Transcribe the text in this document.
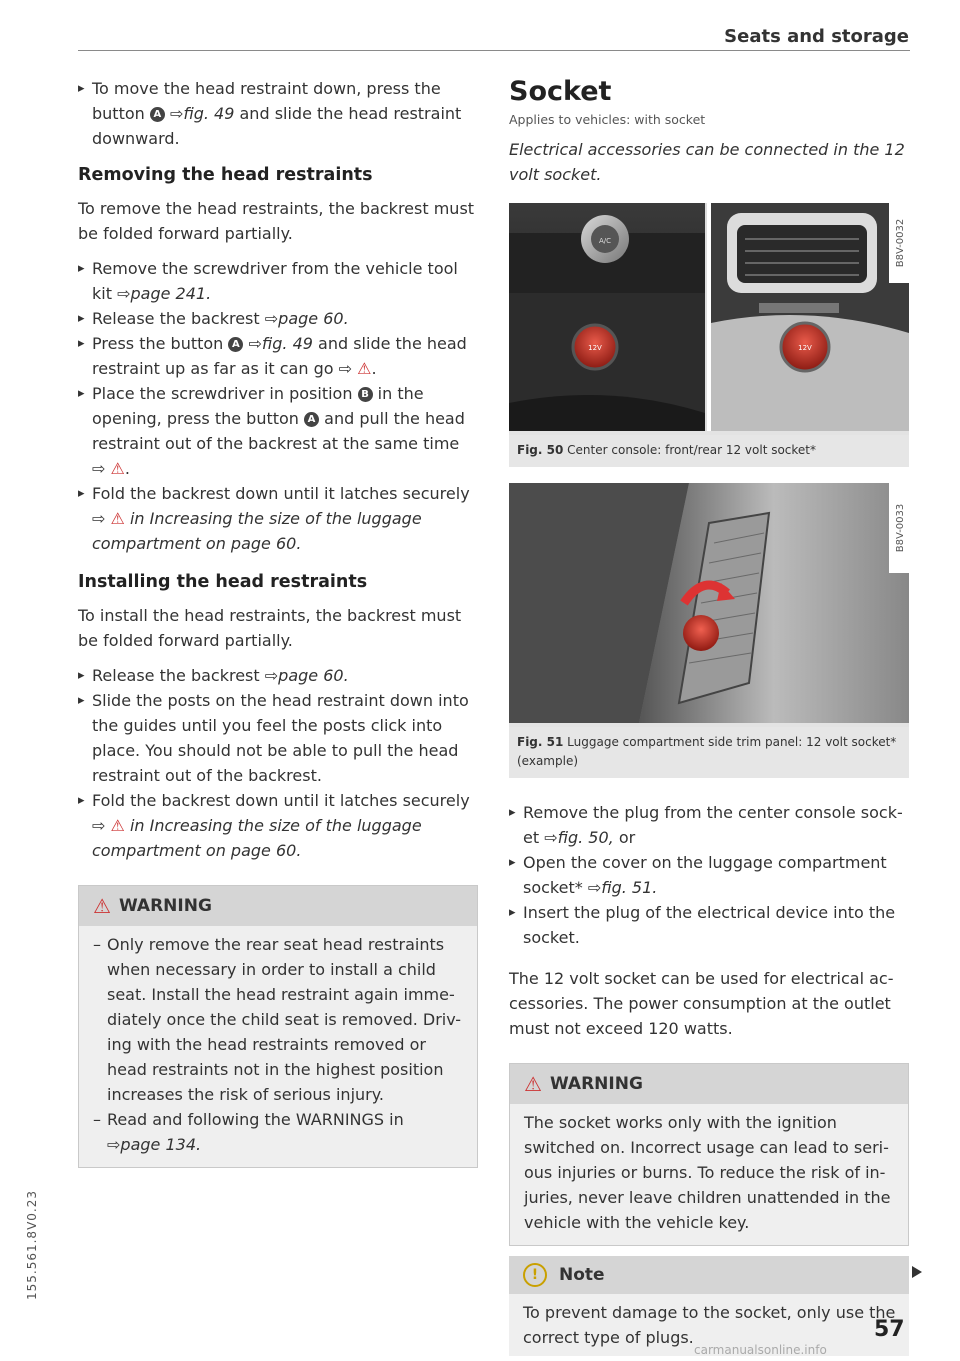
Seats and storage

▸ To move the head restraint down, press the
button A ⇨fig. 49 and slide the head restraint
downward.

Removing the head restraints

To remove the head restraints, the backrest must be folded forward partially.

▸ Remove the screwdriver from the vehicle tool kit ⇨page 241.

▸ Release the backrest ⇨page 60.

▸ Press the button A ⇨fig. 49 and slide the head restraint up as far as it can go ⇨ ⚠.

▸ Place the screwdriver in position B in the opening, press the button A and pull the head restraint out of the backrest at the same time
⇨ ⚠.

▸ Fold the backrest down until it latches securely
⇨ ⚠ in Increasing the size of the luggage compartment on page 60.

Installing the head restraints

To install the head restraints, the backrest must be folded forward partially.

▸ Release the backrest ⇨page 60.

▸ Slide the posts on the head restraint down into the guides until you feel the posts click into place. You should not be able to pull the head restraint out of the backrest.

▸ Fold the backrest down until it latches securely
⇨ ⚠ in Increasing the size of the luggage compartment on page 60.

⚠ WARNING

– Only remove the rear seat head restraints when necessary in order to install a child seat. Install the head restraint again imme- diately once the child seat is removed. Driv- ing with the head restraints removed or head restraints not in the highest position increases the risk of serious injury.

– Read and following the WARNINGS in
⇨page 134.

Socket
Applies to vehicles: with socket

Electrical accessories can be connected in the 12 volt socket.

A/C
12V	12V
B8V-0032
Fig. 50 Center console: front/rear 12 volt socket*
B8V-0033
Fig. 51 Luggage compartment side trim panel: 12 volt socket* (example)

▸ Remove the plug from the center console sock- et ⇨fig. 50, or

▸ Open the cover on the luggage compartment socket* ⇨fig. 51.

▸ Insert the plug of the electrical device into the socket.

The 12 volt socket can be used for electrical ac- cessories. The power consumption at the outlet must not exceed 120 watts.

⚠ WARNING

The socket works only with the ignition switched on. Incorrect usage can lead to seri- ous injuries or burns. To reduce the risk of in- juries, never leave children unattended in the vehicle with the vehicle key.

!	Note
To prevent damage to the socket, only use the correct type of plugs.	57
155.561.8V0.23
carmanualsonline.info
